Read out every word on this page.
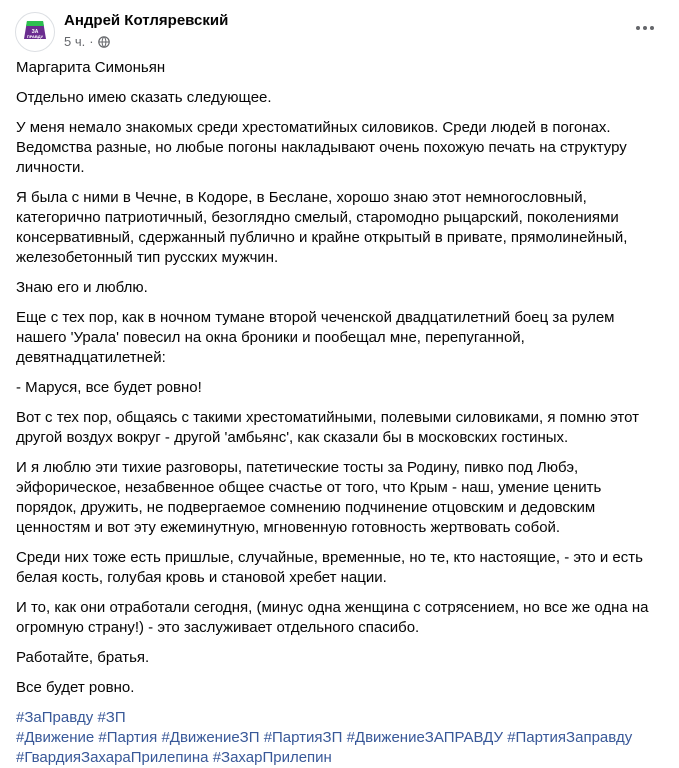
ЗА
ПРАВДУ
Андрей Котляревский
5 ч. ·

Маргарита Симоньян

Отдельно имею сказать следующее.

У меня немало знакомых среди хрестоматийных силовиков. Среди людей в погонах. Ведомства разные, но любые погоны накладывают очень похожую печать на структуру личности.

Я была с ними в Чечне, в Кодоре, в Беслане, хорошо знаю этот немногословный, категорично патриотичный, безоглядно смелый, старомодно рыцарский, поколениями консервативный, сдержанный публично и крайне открытый в привате, прямолинейный, железобетонный тип русских мужчин.

Знаю его и люблю.

Еще с тех пор, как в ночном тумане второй чеченской двадцатилетний боец за рулем нашего 'Урала' повесил на окна броники и пообещал мне, перепуганной, девятнадцатилетней:

- Маруся, все будет ровно!

Вот с тех пор, общаясь с такими хрестоматийными, полевыми силовиками, я помню этот другой воздух вокруг - другой 'амбьянс', как сказали бы в московских гостиных.

И я люблю эти тихие разговоры, патетические тосты за Родину, пивко под Любэ, эйфорическое, незабвенное общее счастье от того, что Крым - наш, умение ценить порядок, дружить, не подвергаемое сомнению подчинение отцовским и дедовским ценностям и вот эту ежеминутную, мгновенную готовность жертвовать собой.

Среди них тоже есть пришлые, случайные, временные, но те, кто настоящие, - это и есть белая кость, голубая кровь и становой хребет нации.

И то, как они отработали сегодня, (минус одна женщина с сотрясением, но все же одна на огромную страну!) - это заслуживает отдельного спасибо.

Работайте, братья.

Все будет ровно.

#ЗаПравду #ЗП
#Движение #Партия #ДвижениеЗП #ПартияЗП #ДвижениеЗАПРАВДУ #ПартияЗаправду
#ГвардияЗахараПрилепина #ЗахарПрилепин
